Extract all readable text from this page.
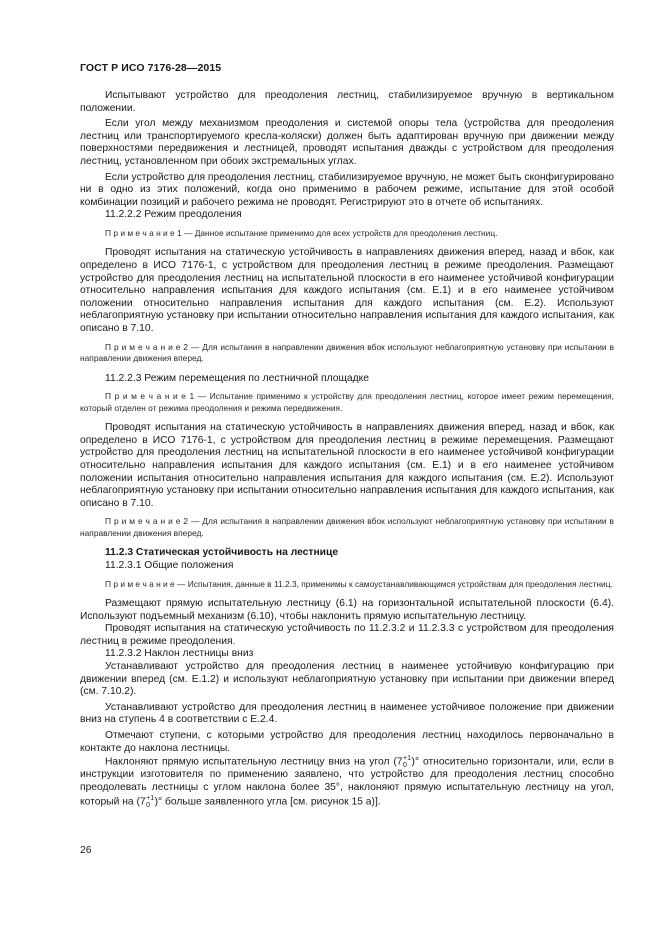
ГОСТ Р ИСО 7176-28—2015

Испытывают устройство для преодоления лестниц, стабилизируемое вручную в вертикальном положении.

Если угол между механизмом преодоления и системой опоры тела (устройства для преодоления лестниц или транспортируемого кресла-коляски) должен быть адаптирован вручную при движении между поверхностями передвижения и лестницей, проводят испытания дважды с устройством для преодоления лестниц, установленном при обоих экстремальных углах.

Если устройство для преодоления лестниц, стабилизируемое вручную, не может быть сконфигурировано ни в одно из этих положений, когда оно применимо в рабочем режиме, испытание для этой особой комбинации позиций и рабочего режима не проводят. Регистрируют это в отчете об испытаниях.

11.2.2.2 Режим преодоления

П р и м е ч а н и е 1 — Данное испытание применимо для всех устройств для преодоления лестниц.

Проводят испытания на статическую устойчивость в направлениях движения вперед, назад и вбок, как определено в ИСО 7176-1, с устройством для преодоления лестниц в режиме преодоления. Размещают устройство для преодоления лестниц на испытательной плоскости в его наименее устойчивой конфигурации относительно направления испытания для каждого испытания (см. Е.1) и в его наименее устойчивом положении относительно направления испытания для каждого испытания (см. Е.2). Используют неблагоприятную установку при испытании относительно направления испытания для каждого испытания, как описано в 7.10.

П р и м е ч а н и е 2 — Для испытания в направлении движения вбок используют неблагоприятную установку при испытании в направлении движения вперед.

11.2.2.3 Режим перемещения по лестничной площадке

П р и м е ч а н и е 1 — Испытание применимо к устройству для преодоления лестниц, которое имеет режим перемещения, который отделен от режима преодоления и режима передвижения.

Проводят испытания на статическую устойчивость в направлениях движения вперед, назад и вбок, как определено в ИСО 7176-1, с устройством для преодоления лестниц в режиме перемещения. Размещают устройство для преодоления лестниц на испытательной плоскости в его наименее устойчивой конфигурации относительно направления испытания для каждого испытания (см. Е.1) и в его наименее устойчивом положении испытания относительно направления испытания для каждого испытания (см. Е.2). Используют неблагоприятную установку при испытании относительно направления испытания для каждого испытания, как описано в 7.10.

П р и м е ч а н и е 2 — Для испытания в направлении движения вбок используют неблагоприятную установку при испытании в направлении движения вперед.

11.2.3 Статическая устойчивость на лестнице

11.2.3.1 Общие положения

П р и м е ч а н и е — Испытания, данные в 11.2.3, применимы к самоустанавливающимся устройствам для преодоления лестниц.

Размещают прямую испытательную лестницу (6.1) на горизонтальной испытательной плоскости (6.4). Используют подъемный механизм (6.10), чтобы наклонить прямую испытательную лестницу.

Проводят испытания на статическую устойчивость по 11.2.3.2 и 11.2.3.3 с устройством для преодоления лестниц в режиме преодоления.

11.2.3.2 Наклон лестницы вниз

Устанавливают устройство для преодоления лестниц в наименее устойчивую конфигурацию при движении вперед (см. Е.1.2) и используют неблагоприятную установку при испытании при движении вперед (см. 7.10.2).

Устанавливают устройство для преодоления лестниц в наименее устойчивое положение при движении вниз на ступень 4 в соответствии с Е.2.4.

Отмечают ступени, с которыми устройство для преодоления лестниц находилось первоначально в контакте до наклона лестницы.

Наклоняют прямую испытательную лестницу вниз на угол (7 +1
0 )° относительно горизонтали, или, если в инструкции изготовителя по применению заявлено, что устройство для преодоления лестниц способно преодолевать лестницы с углом наклона более 35°, наклоняют прямую испытательную лестницу на угол, который на (7 +1
0 )° больше заявленного угла [см. рисунок 15 а)].

26
